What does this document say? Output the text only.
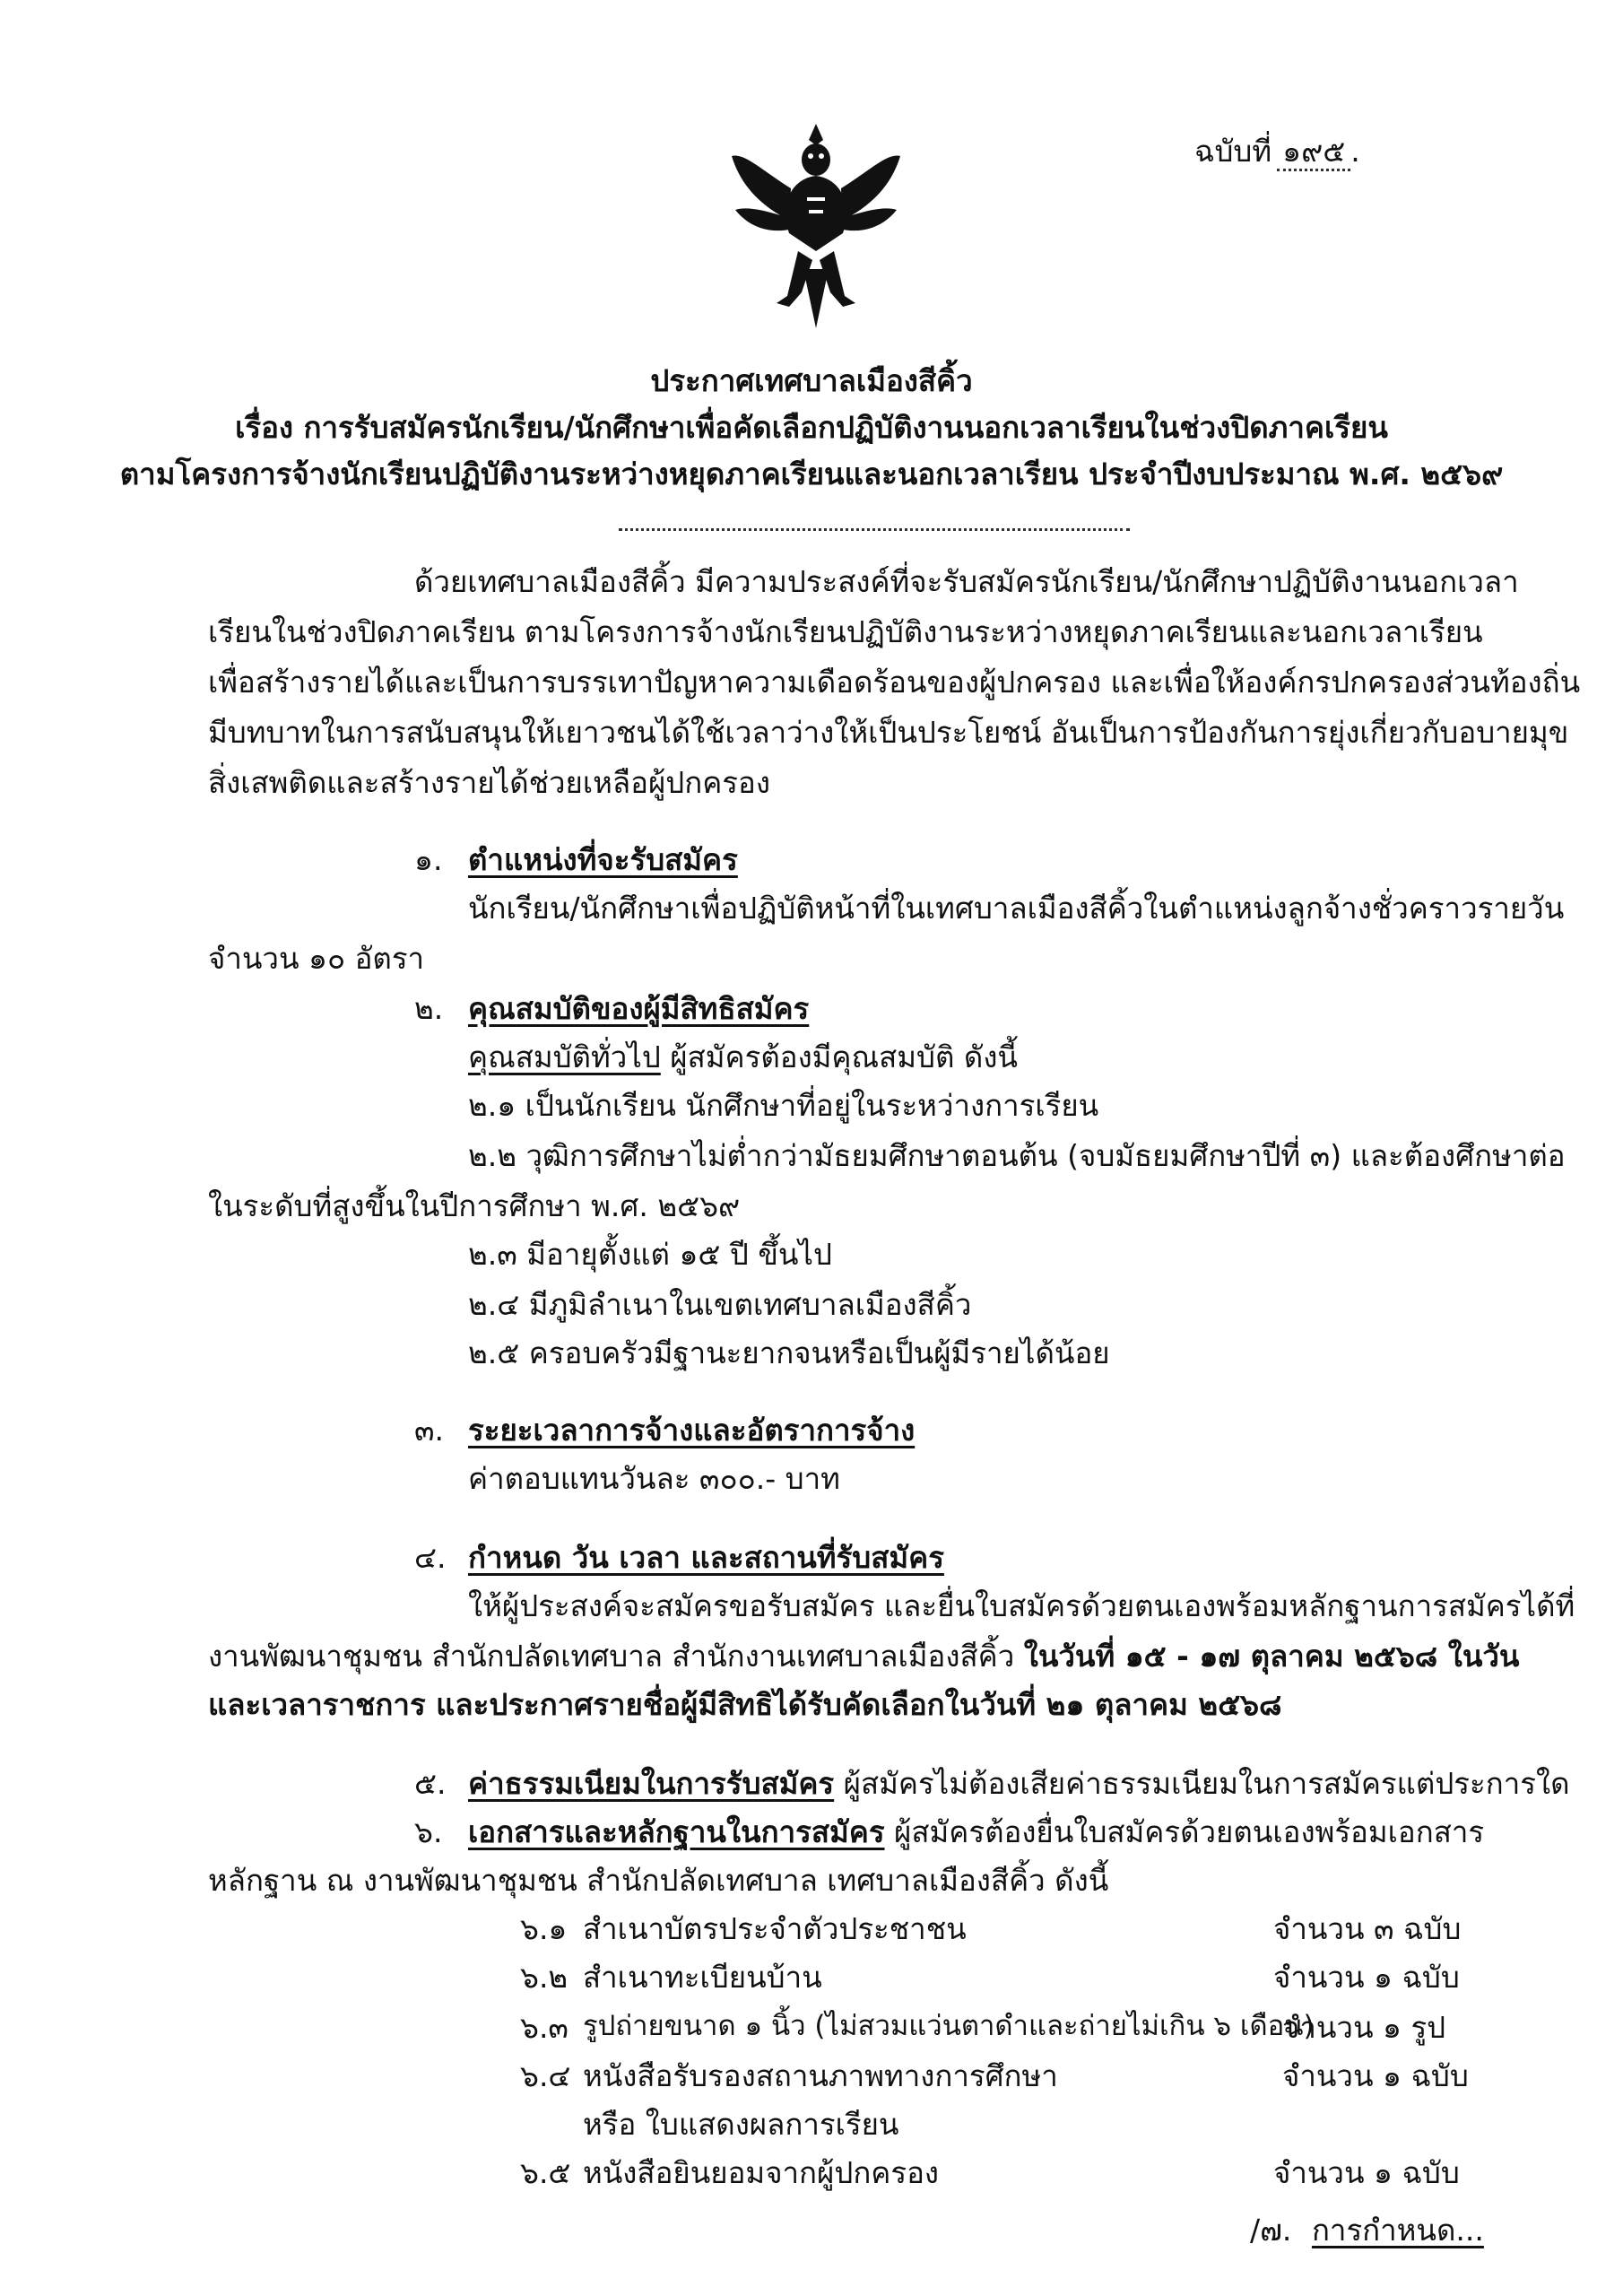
ฉบับที่ ๑๙๕ .
ประกาศเทศบาลเมืองสีคิ้ว
เรื่อง การรับสมัครนักเรียน/นักศึกษาเพื่อคัดเลือกปฏิบัติงานนอกเวลาเรียนในช่วงปิดภาคเรียน
ตามโครงการจ้างนักเรียนปฏิบัติงานระหว่างหยุดภาคเรียนและนอกเวลาเรียน ประจำปีงบประมาณ พ.ศ. ๒๕๖๙
ด้วยเทศบาลเมืองสีคิ้ว มีความประสงค์ที่จะรับสมัครนักเรียน/นักศึกษาปฏิบัติงานนอกเวลา
เรียนในช่วงปิดภาคเรียน ตามโครงการจ้างนักเรียนปฏิบัติงานระหว่างหยุดภาคเรียนและนอกเวลาเรียน
เพื่อสร้างรายได้และเป็นการบรรเทาปัญหาความเดือดร้อนของผู้ปกครอง และเพื่อให้องค์กรปกครองส่วนท้องถิ่น
มีบทบาทในการสนับสนุนให้เยาวชนได้ใช้เวลาว่างให้เป็นประโยชน์ อันเป็นการป้องกันการยุ่งเกี่ยวกับอบายมุข
สิ่งเสพติดและสร้างรายได้ช่วยเหลือผู้ปกครอง
๑. ตำแหน่งที่จะรับสมัคร
นักเรียน/นักศึกษาเพื่อปฏิบัติหน้าที่ในเทศบาลเมืองสีคิ้วในตำแหน่งลูกจ้างชั่วคราวรายวัน
จำนวน ๑๐ อัตรา
๒. คุณสมบัติของผู้มีสิทธิสมัคร
คุณสมบัติทั่วไป ผู้สมัครต้องมีคุณสมบัติ ดังนี้
๒.๑ เป็นนักเรียน นักศึกษาที่อยู่ในระหว่างการเรียน
๒.๒ วุฒิการศึกษาไม่ต่ำกว่ามัธยมศึกษาตอนต้น (จบมัธยมศึกษาปีที่ ๓) และต้องศึกษาต่อ
ในระดับที่สูงขึ้นในปีการศึกษา พ.ศ. ๒๕๖๙
๒.๓ มีอายุตั้งแต่ ๑๕ ปี ขึ้นไป
๒.๔ มีภูมิลำเนาในเขตเทศบาลเมืองสีคิ้ว
๒.๕ ครอบครัวมีฐานะยากจนหรือเป็นผู้มีรายได้น้อย
๓. ระยะเวลาการจ้างและอัตราการจ้าง
ค่าตอบแทนวันละ ๓๐๐.- บาท
๔. กำหนด วัน เวลา และสถานที่รับสมัคร
ให้ผู้ประสงค์จะสมัครขอรับสมัคร และยื่นใบสมัครด้วยตนเองพร้อมหลักฐานการสมัครได้ที่
งานพัฒนาชุมชน สำนักปลัดเทศบาล สำนักงานเทศบาลเมืองสีคิ้ว ในวันที่ ๑๕ - ๑๗ ตุลาคม ๒๕๖๘ ในวัน
และเวลาราชการ และประกาศรายชื่อผู้มีสิทธิได้รับคัดเลือกในวันที่ ๒๑ ตุลาคม ๒๕๖๘
๕. ค่าธรรมเนียมในการรับสมัคร ผู้สมัครไม่ต้องเสียค่าธรรมเนียมในการสมัครแต่ประการใด
๖. เอกสารและหลักฐานในการสมัคร ผู้สมัครต้องยื่นใบสมัครด้วยตนเองพร้อมเอกสาร
หลักฐาน ณ งานพัฒนาชุมชน สำนักปลัดเทศบาล เทศบาลเมืองสีคิ้ว ดังนี้
๖.๑ สำเนาบัตรประจำตัวประชาชน	จำนวน ๓ ฉบับ
๖.๒ สำเนาทะเบียนบ้าน	จำนวน ๑ ฉบับ
๖.๓ รูปถ่ายขนาด ๑ นิ้ว (ไม่สวมแว่นตาดำและถ่ายไม่เกิน ๖ เดือน)
จำนวน ๑ รูป
๖.๔ หนังสือรับรองสถานภาพทางการศึกษา	จำนวน ๑ ฉบับ
หรือ ใบแสดงผลการเรียน
๖.๕ หนังสือยินยอมจากผู้ปกครอง	จำนวน ๑ ฉบับ
/๗. การกำหนด...
